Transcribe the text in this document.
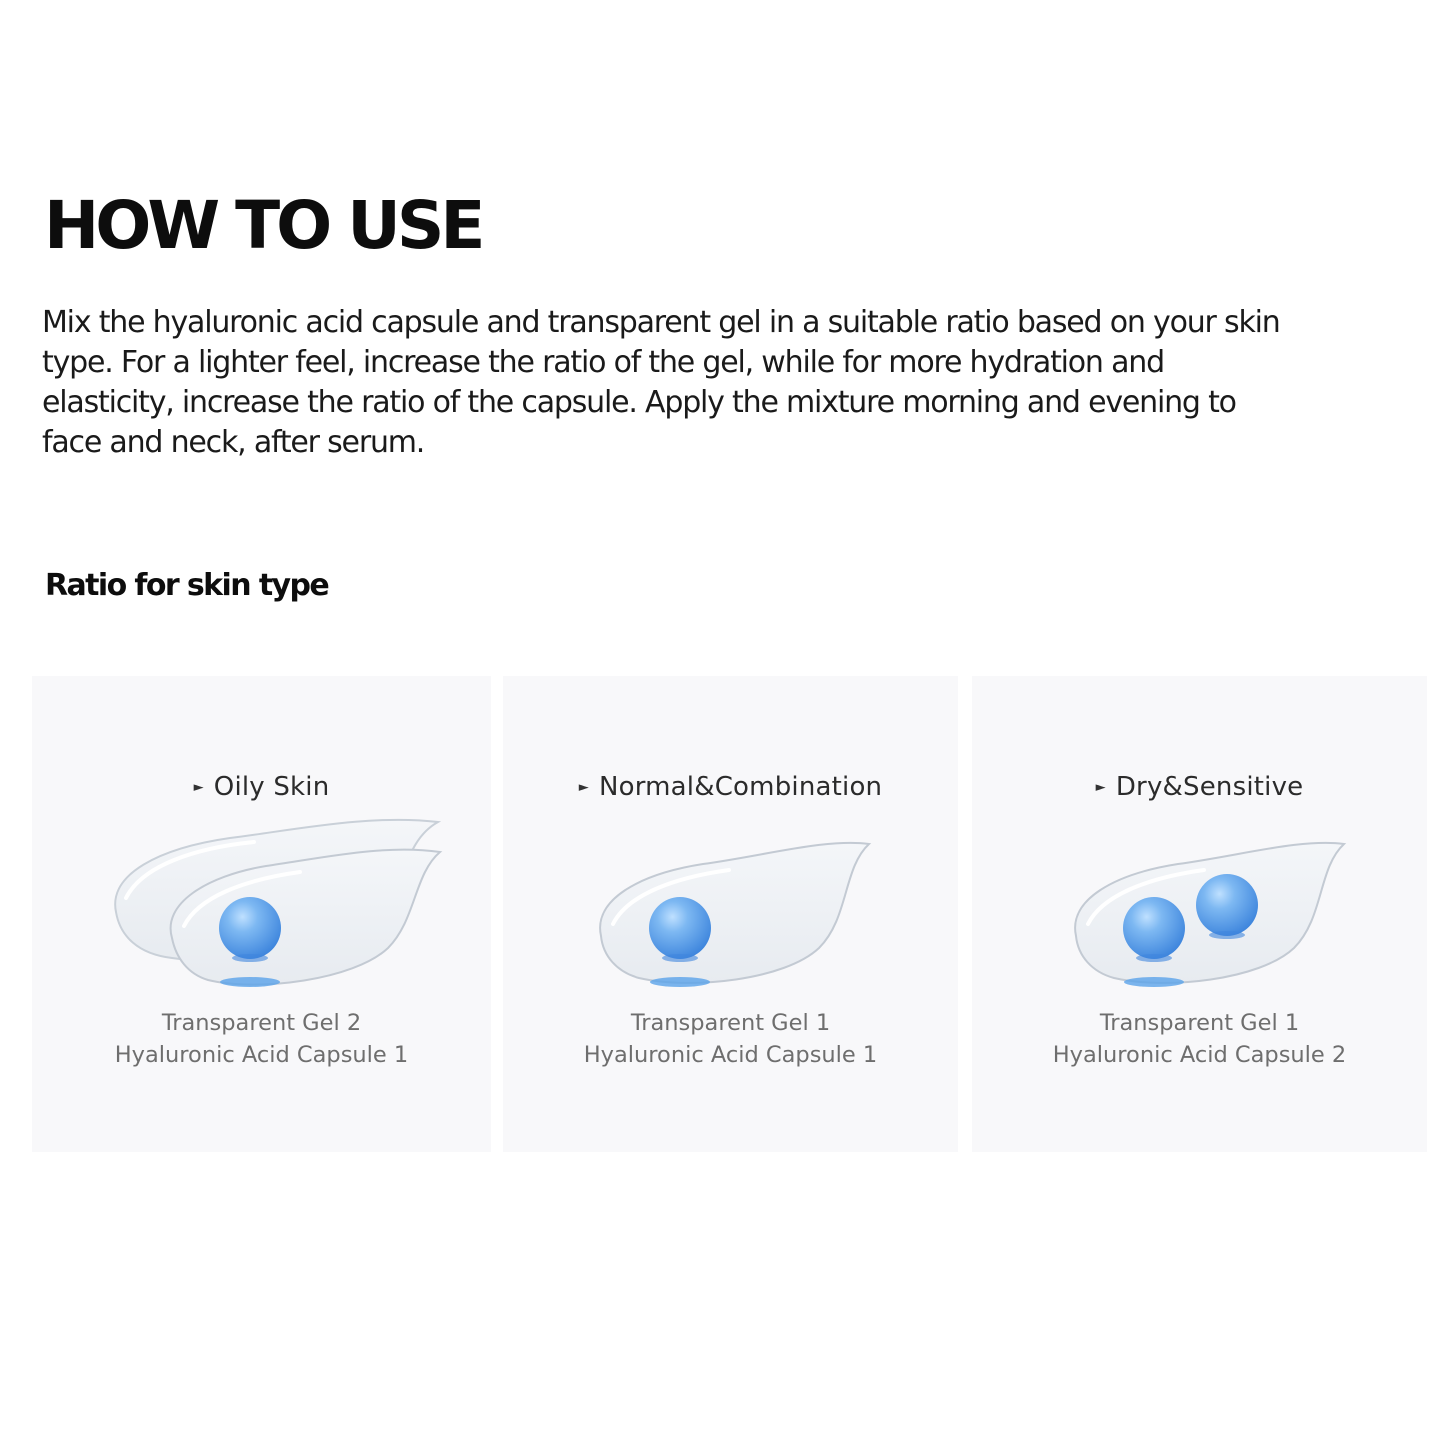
HOW TO USE

Mix the hyaluronic acid capsule and transparent gel in a suitable ratio based on your skin type. For a lighter feel, increase the ratio of the gel, while for more hydration and elasticity, increase the ratio of the capsule. Apply the mixture morning and evening to face and neck, after serum.

Ratio for skin type
► Oily Skin
Transparent Gel 2
Hyaluronic Acid Capsule 1
► Normal&Combination
Transparent Gel 1
Hyaluronic Acid Capsule 1
► Dry&Sensitive
Transparent Gel 1
Hyaluronic Acid Capsule 2
